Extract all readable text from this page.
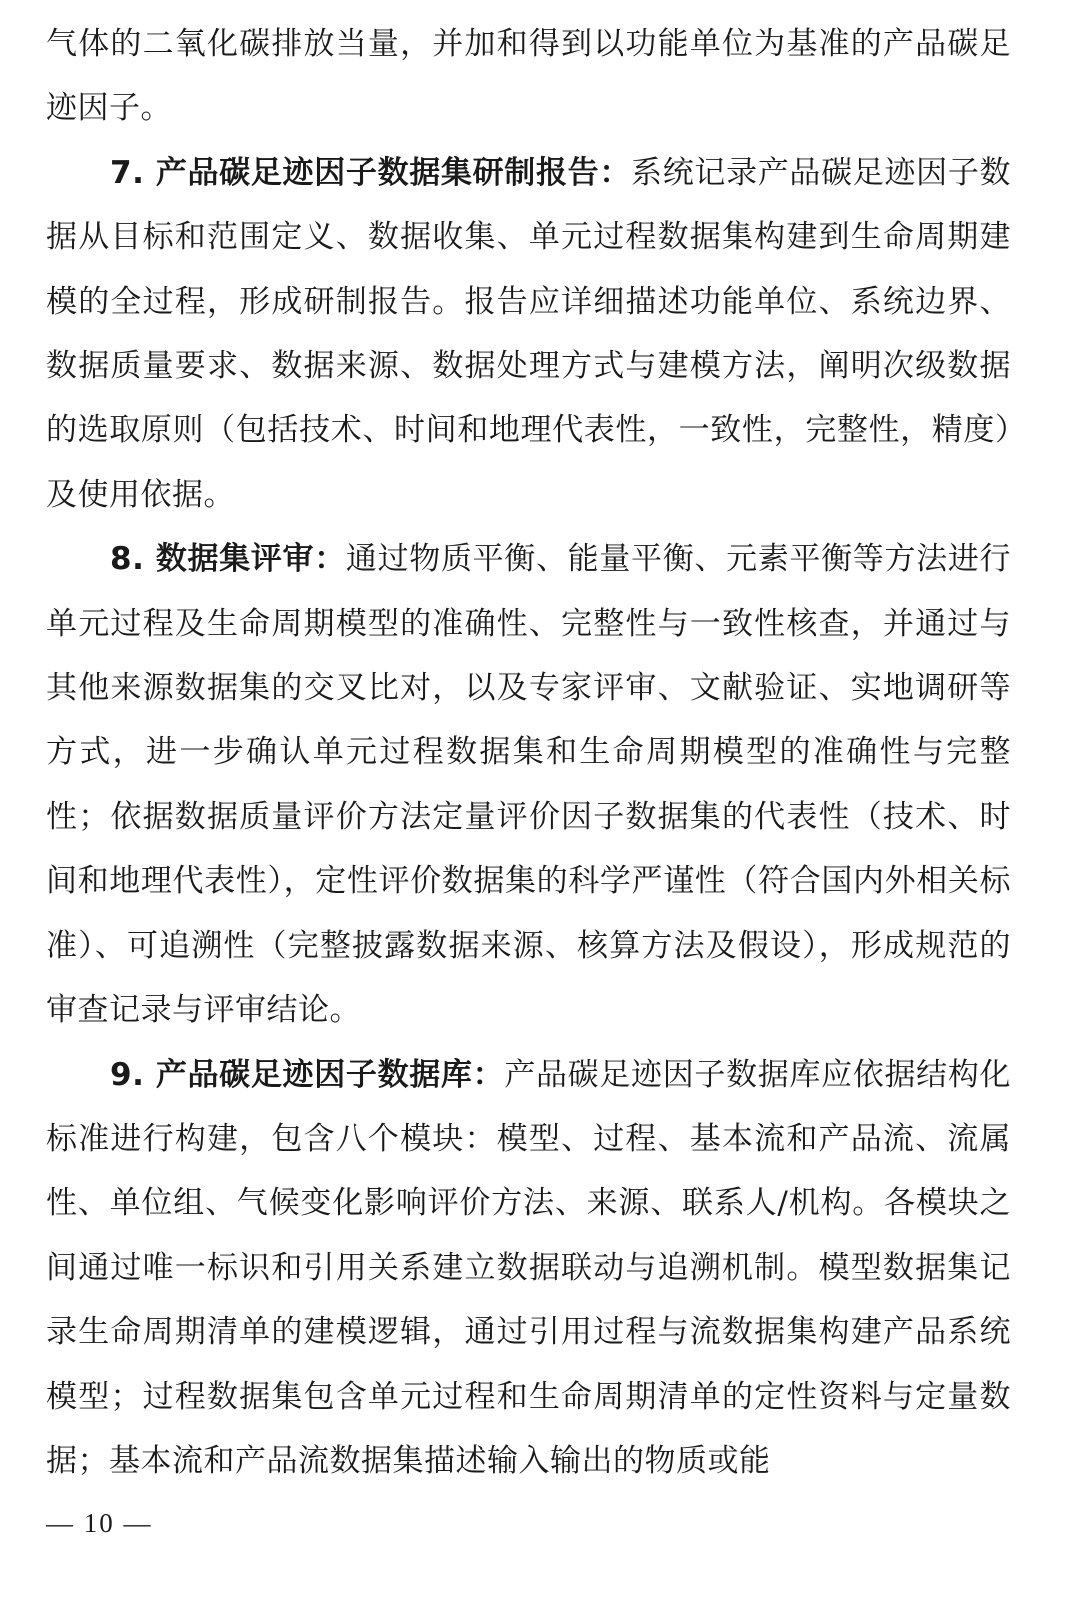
气体的二氧化碳排放当量，并加和得到以功能单位为基准的产品碳足迹因子。

7. 产品碳足迹因子数据集研制报告：系统记录产品碳足迹因子数据从目标和范围定义、数据收集、单元过程数据集构建到生命周期建模的全过程，形成研制报告。报告应详细描述功能单位、系统边界、数据质量要求、数据来源、数据处理方式与建模方法，阐明次级数据的选取原则（包括技术、时间和地理代表性，一致性，完整性，精度）及使用依据。

8. 数据集评审：通过物质平衡、能量平衡、元素平衡等方法进行单元过程及生命周期模型的准确性、完整性与一致性核查，并通过与其他来源数据集的交叉比对，以及专家评审、文献验证、实地调研等方式，进一步确认单元过程数据集和生命周期模型的准确性与完整性；依据数据质量评价方法定量评价因子数据集的代表性（技术、时间和地理代表性），定性评价数据集的科学严谨性（符合国内外相关标准）、可追溯性（完整披露数据来源、核算方法及假设），形成规范的审查记录与评审结论。

9. 产品碳足迹因子数据库：产品碳足迹因子数据库应依据结构化标准进行构建，包含八个模块：模型、过程、基本流和产品流、流属性、单位组、气候变化影响评价方法、来源、联系人/机构。各模块之间通过唯一标识和引用关系建立数据联动与追溯机制。模型数据集记录生命周期清单的建模逻辑，通过引用过程与流数据集构建产品系统模型；过程数据集包含单元过程和生命周期清单的定性资料与定量数据；基本流和产品流数据集描述输入输出的物质或能

— 10 —
